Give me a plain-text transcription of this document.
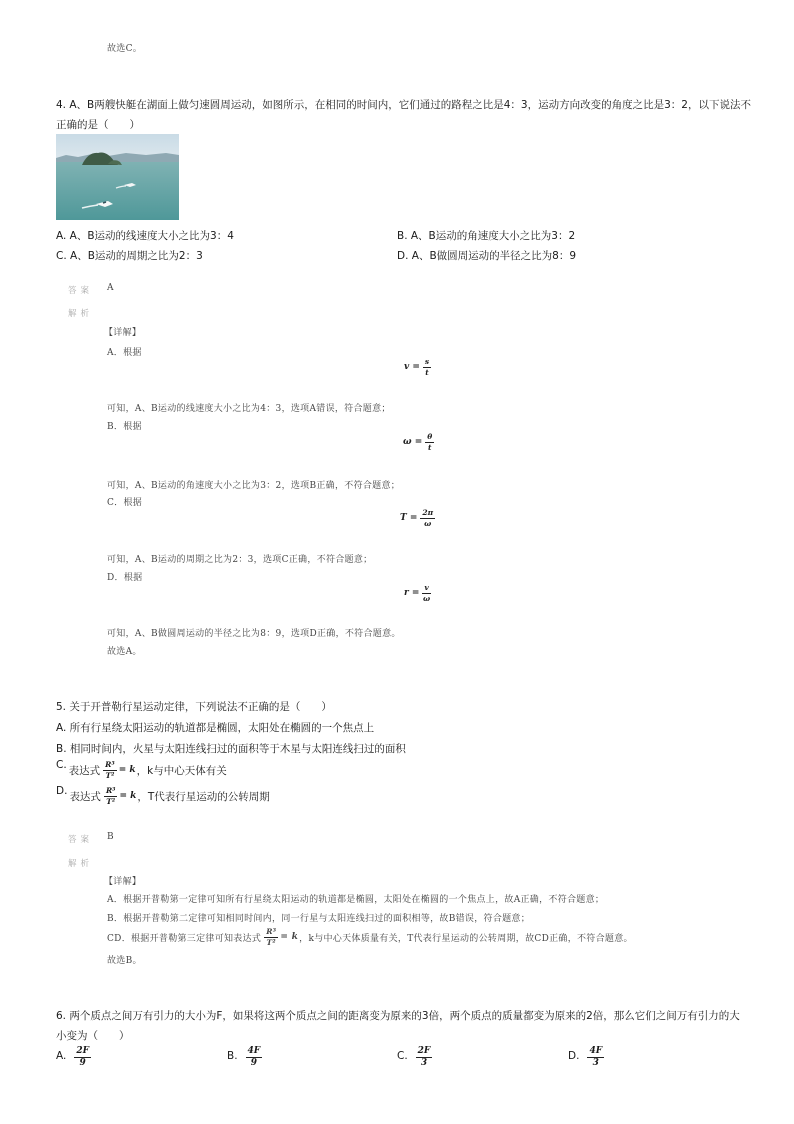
故选C。
4. A、B两艘快艇在湖面上做匀速圆周运动，如图所示，在相同的时间内，它们通过的路程之比是4：3，运动方向改变的角度之比是3：2，以下说法不
正确的是（　　）
A. A、B运动的线速度大小之比为3：4	B. A、B运动的角速度大小之比为3：2
C. A、B运动的周期之比为2：3	D. A、B做圆周运动的半径之比为8：9
答案 A
解析
【详解】
A．根据
$v = \frac{s}{t}$
可知，A、B运动的线速度大小之比为4：3，选项A错误，符合题意；
B．根据
$\omega = \frac{\theta}{t}$
可知，A、B运动的角速度大小之比为3：2，选项B正确，不符合题意；
C．根据
$T = \frac{2\pi}{\omega}$
可知，A、B运动的周期之比为2：3，选项C正确，不符合题意；
D．根据
$r = \frac{v}{\omega}$
可知，A、B做圆周运动的半径之比为8：9，选项D正确，不符合题意。
故选A。
5. 关于开普勒行星运动定律，下列说法不正确的是（　　）
A. 所有行星绕太阳运动的轨道都是椭圆，太阳处在椭圆的一个焦点上
B. 相同时间内，火星与太阳连线扫过的面积等于木星与太阳连线扫过的面积
C. 表达式 $\frac{\text{R³}}{\text{T²}} = k$ ，k与中心天体有关
D. 表达式 $\frac{\text{R³}}{\text{T²}} = k$ ，T代表行星运动的公转周期
答案 B
解析
【详解】
A．根据开普勒第一定律可知所有行星绕太阳运动的轨道都是椭圆，太阳处在椭圆的一个焦点上，故A正确，不符合题意；
B．根据开普勒第二定律可知相同时间内，同一行星与太阳连线扫过的面积相等，故B错误，符合题意；
CD．根据开普勒第三定律可知表达式 $\frac{\text{R³}}{\text{T²}} = k$ ，k与中心天体质量有关，T代表行星运动的公转周期，故CD正确，不符合题意。
故选B。
6. 两个质点之间万有引力的大小为F，如果将这两个质点之间的距离变为原来的3倍，两个质点的质量都变为原来的2倍，那么它们之间万有引力的大
小变为（　　）
A. $\frac{2F}{9}$	B. $\frac{4F}{9}$	C. $\frac{2F}{3}$	D. $\frac{4F}{3}$
